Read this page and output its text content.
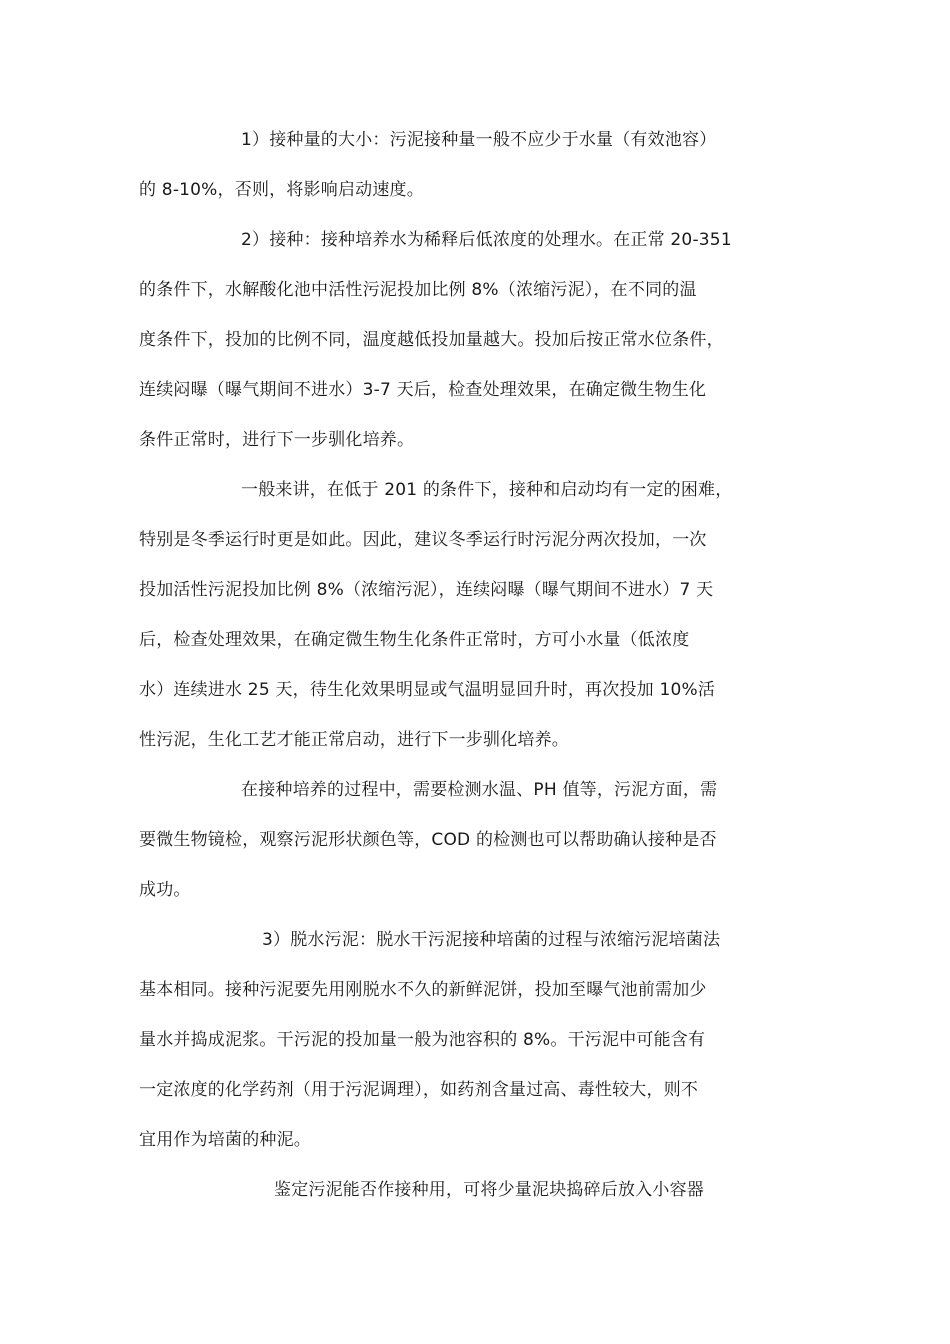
1）接种量的大小：污泥接种量一般不应少于水量（有效池容）
的 8-10%，否则，将影响启动速度。
2）接种：接种培养水为稀释后低浓度的处理水。在正常 20-351
的条件下，水解酸化池中活性污泥投加比例 8%（浓缩污泥），在不同的温
度条件下，投加的比例不同，温度越低投加量越大。投加后按正常水位条件，
连续闷曝（曝气期间不进水）3-7 天后，检查处理效果，在确定微生物生化
条件正常时，进行下一步驯化培养。
一般来讲，在低于 201 的条件下，接种和启动均有一定的困难，
特别是冬季运行时更是如此。因此，建议冬季运行时污泥分两次投加，一次
投加活性污泥投加比例 8%（浓缩污泥），连续闷曝（曝气期间不进水）7 天
后，检查处理效果，在确定微生物生化条件正常时，方可小水量（低浓度
水）连续进水 25 天，待生化效果明显或气温明显回升时，再次投加 10%活
性污泥，生化工艺才能正常启动，进行下一步驯化培养。
在接种培养的过程中，需要检测水温、PH 值等，污泥方面，需
要微生物镜检，观察污泥形状颜色等，COD 的检测也可以帮助确认接种是否
成功。
3）脱水污泥：脱水干污泥接种培菌的过程与浓缩污泥培菌法
基本相同。接种污泥要先用刚脱水不久的新鲜泥饼，投加至曝气池前需加少
量水并捣成泥浆。干污泥的投加量一般为池容积的 8%。干污泥中可能含有
一定浓度的化学药剂（用于污泥调理），如药剂含量过高、毒性较大，则不
宜用作为培菌的种泥。
鉴定污泥能否作接种用，可将少量泥块捣碎后放入小容器
